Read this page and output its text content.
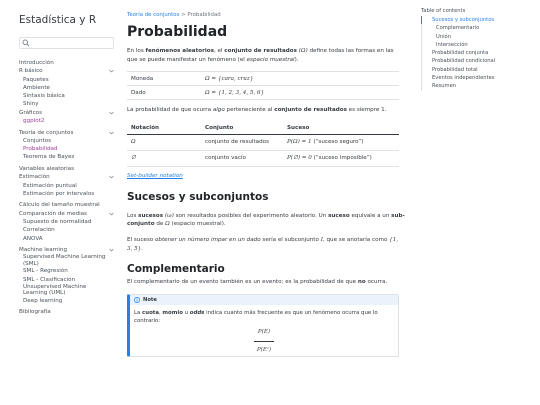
Estadística y R
Introducción
R básico
Paquetes
Ambiente
Sintaxis básica
Shiny
Gráficos
ggplot2
Teoría de conjuntos
Conjuntos
Probabilidad
Teorema de Bayes
Variables aleatorias
Estimación
Estimación puntual
Estimación por intervalos
Cálculo del tamaño muestral
Comparación de medias
Supuesto de normalidad
Correlación
ANOVA
Machine learning
Supervised Machine Learning (SML)
SML - Regresión
SML - Clasificación
Unsupervised Machine Learning (UML)
Deep learning
Bibliografía
Teoría de conjuntos > Probabilidad
Probabilidad

En los fenómenos aleatorios, el conjunto de resultados (Ω) define todas las formas en las que se puede manifestar un fenómeno (el espacio muestral).

Moneda	Ω = {cara, cruz}
Dado	Ω = {1, 2, 3, 4, 5, 6}

La probabilidad de que ocurra algo perteneciente al conjunto de resultados es siempre 1.

Notación	Conjunto	Suceso
Ω	conjunto de resultados	P(Ω) = 1 (“suceso seguro”)
∅	conjunto vacío	P(∅) = 0 (“suceso imposible”)
Set-builder notation
Sucesos y subconjuntos

Los sucesos (ω) son resultados posibles del experimento aleatorio. Un suceso equivale a un sub-conjunto de Ω (espacio muestral).

El suceso obtener un número impar en un dado sería el subconjunto I, que se anotaría como {1, 3, 5}.

Complementario

El complementario de un evento también es un evento; es la probabilidad de que no ocurra.

Note
La cuota, momio u odds indica cuanto más frecuente es que un fenómeno ocurra que lo contrario:
P(E)
P(Eᶜ)
Table of contents
Sucesos y subconjuntos
Complementario
Unión
Intersección
Probabilidad conjunta
Probabilidad condicional
Probabilidad total
Eventos independientes
Resumen
